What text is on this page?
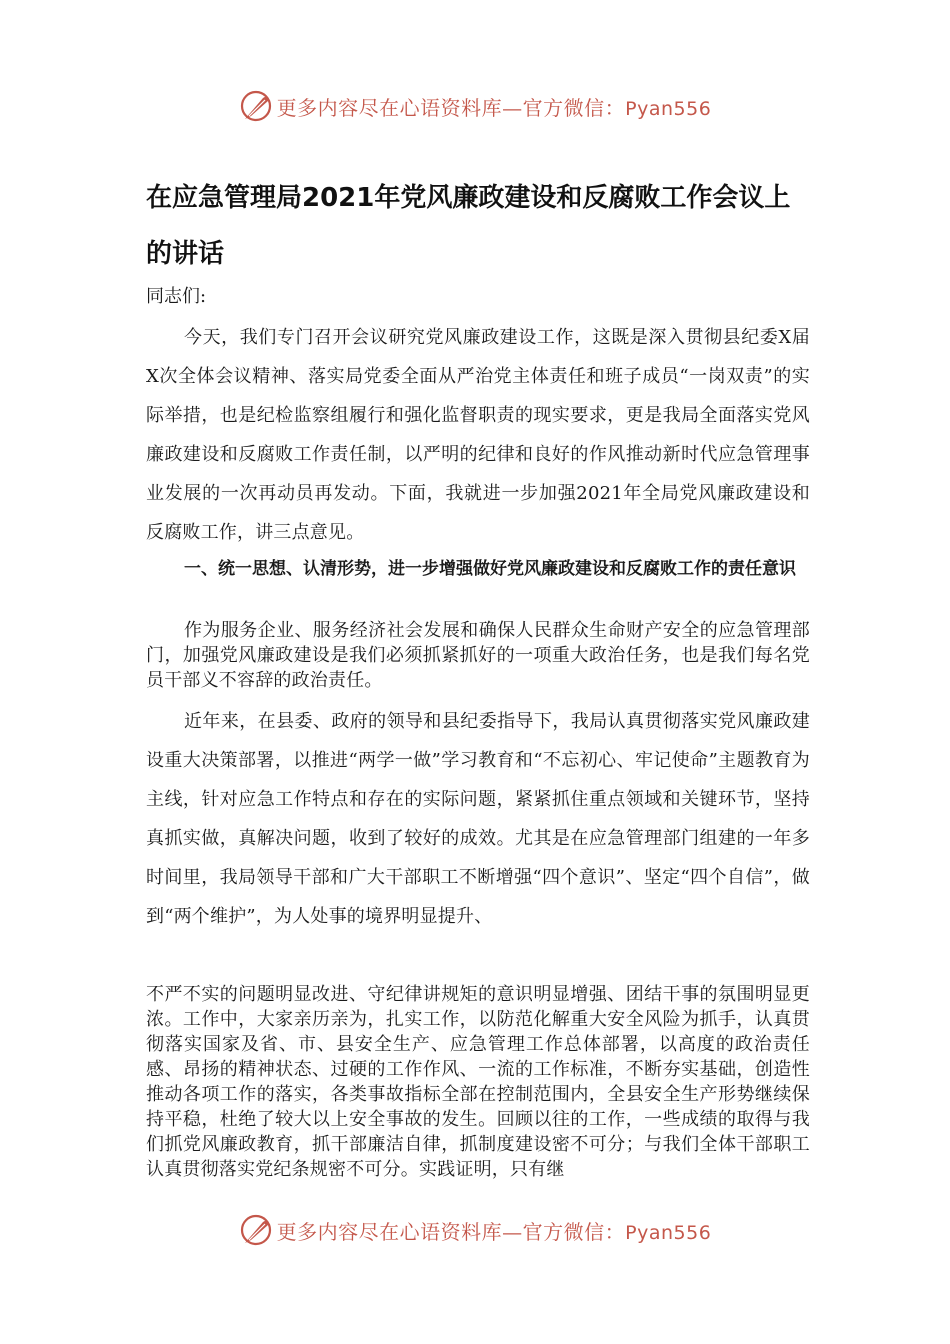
更多内容尽在心语资料库—官方微信：Pyan556
在应急管理局2021年党风廉政建设和反腐败工作会议上的讲话

同志们:

今天，我们专门召开会议研究党风廉政建设工作，这既是深入贯彻县纪委X届X次全体会议精神、落实局党委全面从严治党主体责任和班子成员“一岗双责”的实际举措，也是纪检监察组履行和强化监督职责的现实要求，更是我局全面落实党风廉政建设和反腐败工作责任制，以严明的纪律和良好的作风推动新时代应急管理事业发展的一次再动员再发动。下面，我就进一步加强2021年全局党风廉政建设和反腐败工作，讲三点意见。

一、统一思想、认清形势，进一步增强做好党风廉政建设和反腐败工作的责任意识

作为服务企业、服务经济社会发展和确保人民群众生命财产安全的应急管理部门，加强党风廉政建设是我们必须抓紧抓好的一项重大政治任务，也是我们每名党员干部义不容辞的政治责任。

近年来，在县委、政府的领导和县纪委指导下，我局认真贯彻落实党风廉政建设重大决策部署，以推进“两学一做”学习教育和“不忘初心、牢记使命”主题教育为主线，针对应急工作特点和存在的实际问题，紧紧抓住重点领域和关键环节，坚持真抓实做，真解决问题，收到了较好的成效。尤其是在应急管理部门组建的一年多时间里，我局领导干部和广大干部职工不断增强“四个意识”、坚定“四个自信”，做到“两个维护”，为人处事的境界明显提升、

不严不实的问题明显改进、守纪律讲规矩的意识明显增强、团结干事的氛围明显更浓。工作中，大家亲历亲为，扎实工作，以防范化解重大安全风险为抓手，认真贯彻落实国家及省、市、县安全生产、应急管理工作总体部署，以高度的政治责任感、昂扬的精神状态、过硬的工作作风、一流的工作标准，不断夯实基础，创造性推动各项工作的落实，各类事故指标全部在控制范围内，全县安全生产形势继续保持平稳，杜绝了较大以上安全事故的发生。回顾以往的工作，一些成绩的取得与我们抓党风廉政教育，抓干部廉洁自律，抓制度建设密不可分；与我们全体干部职工认真贯彻落实党纪条规密不可分。实践证明，只有继

更多内容尽在心语资料库—官方微信：Pyan556
